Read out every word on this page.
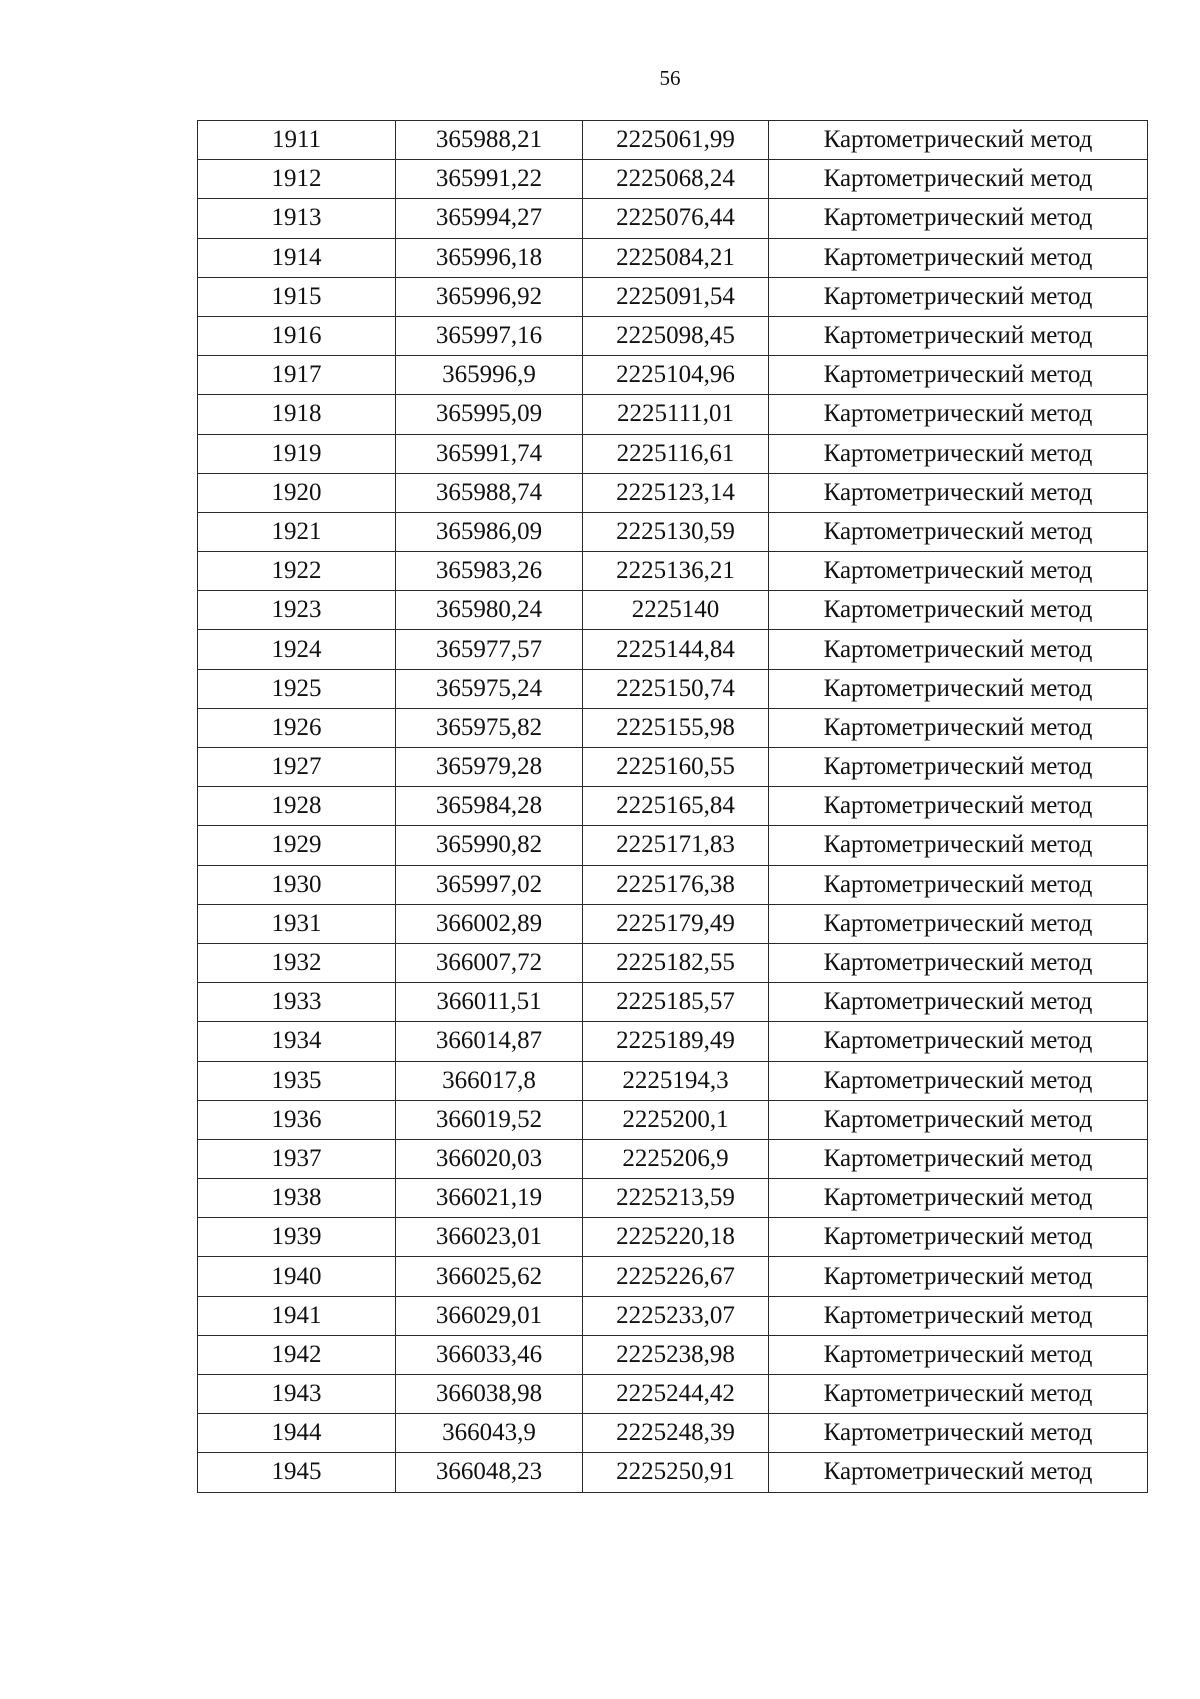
56
1911	365988,21	2225061,99	Картометрический метод
1912	365991,22	2225068,24	Картометрический метод
1913	365994,27	2225076,44	Картометрический метод
1914	365996,18	2225084,21	Картометрический метод
1915	365996,92	2225091,54	Картометрический метод
1916	365997,16	2225098,45	Картометрический метод
1917	365996,9	2225104,96	Картометрический метод
1918	365995,09	2225111,01	Картометрический метод
1919	365991,74	2225116,61	Картометрический метод
1920	365988,74	2225123,14	Картометрический метод
1921	365986,09	2225130,59	Картометрический метод
1922	365983,26	2225136,21	Картометрический метод
1923	365980,24	2225140	Картометрический метод
1924	365977,57	2225144,84	Картометрический метод
1925	365975,24	2225150,74	Картометрический метод
1926	365975,82	2225155,98	Картометрический метод
1927	365979,28	2225160,55	Картометрический метод
1928	365984,28	2225165,84	Картометрический метод
1929	365990,82	2225171,83	Картометрический метод
1930	365997,02	2225176,38	Картометрический метод
1931	366002,89	2225179,49	Картометрический метод
1932	366007,72	2225182,55	Картометрический метод
1933	366011,51	2225185,57	Картометрический метод
1934	366014,87	2225189,49	Картометрический метод
1935	366017,8	2225194,3	Картометрический метод
1936	366019,52	2225200,1	Картометрический метод
1937	366020,03	2225206,9	Картометрический метод
1938	366021,19	2225213,59	Картометрический метод
1939	366023,01	2225220,18	Картометрический метод
1940	366025,62	2225226,67	Картометрический метод
1941	366029,01	2225233,07	Картометрический метод
1942	366033,46	2225238,98	Картометрический метод
1943	366038,98	2225244,42	Картометрический метод
1944	366043,9	2225248,39	Картометрический метод
1945	366048,23	2225250,91	Картометрический метод
